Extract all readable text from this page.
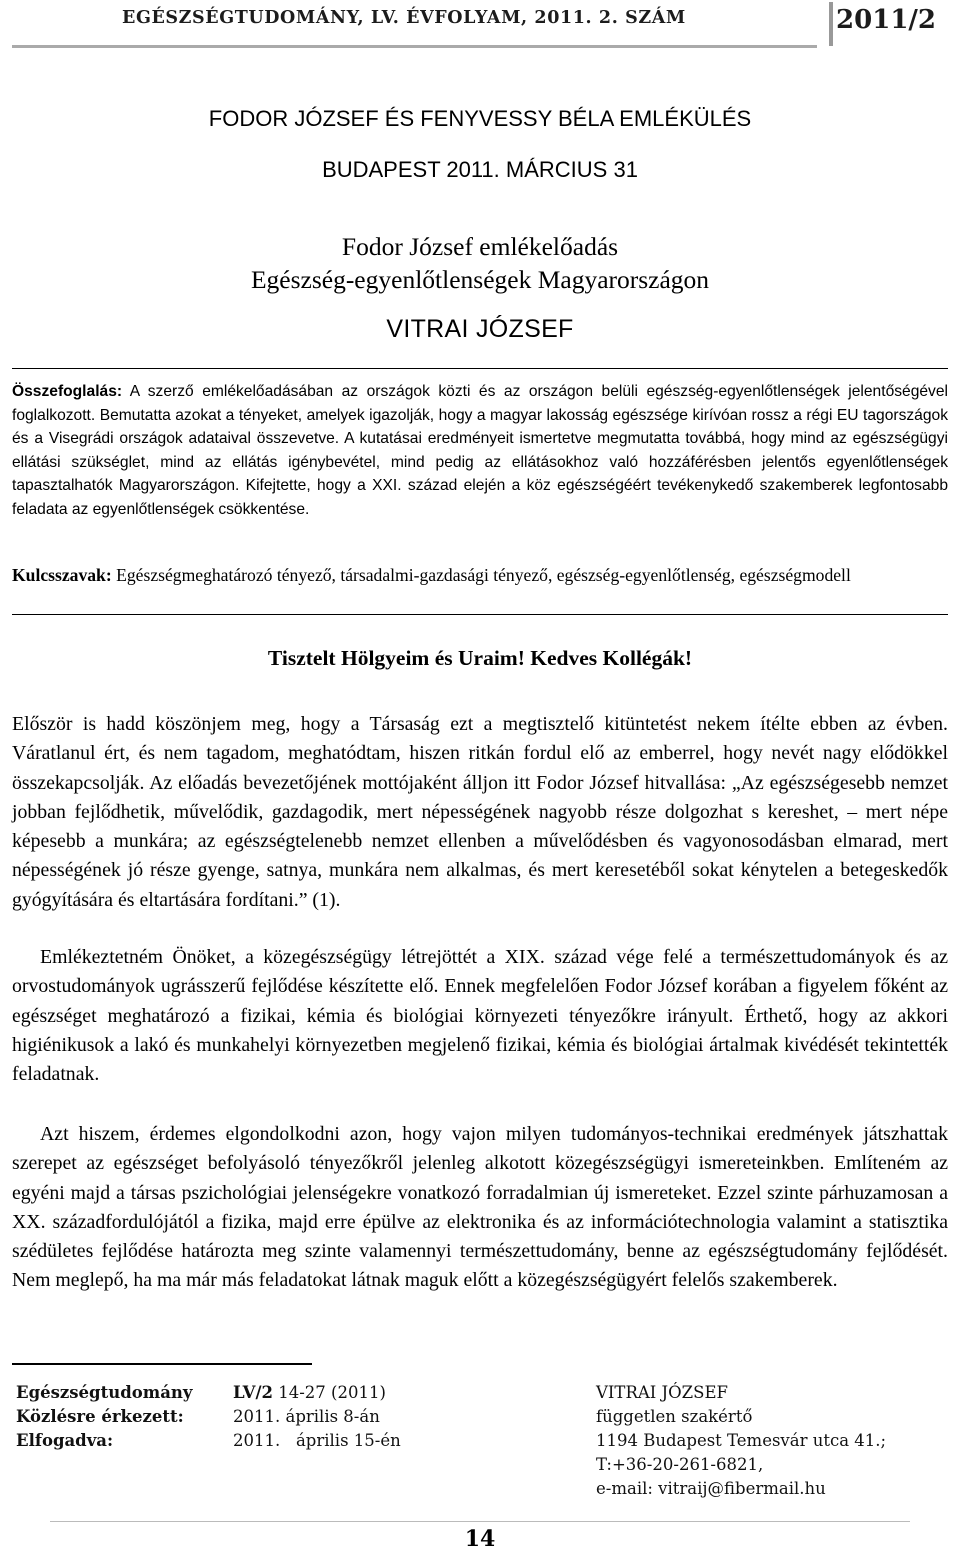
EGÉSZSÉGTUDOMÁNY, LV. ÉVFOLYAM, 2011. 2. SZÁM	2011/2
FODOR JÓZSEF ÉS FENYVESSY BÉLA EMLÉKÜLÉS
BUDAPEST 2011. MÁRCIUS 31
Fodor József emlékelőadás
Egészség-egyenlőtlenségek Magyarországon
VITRAI JÓZSEF
Összefoglalás: A szerző emlékelőadásában az országok közti és az országon belüli egészség-egyenlőtlenségek jelentőségével foglalkozott. Bemutatta azokat a tényeket, amelyek igazolják, hogy a magyar lakosság egészsége kirívóan rossz a régi EU tagországok és a Visegrádi országok adataival összevetve. A kutatásai eredményeit ismertetve megmutatta továbbá, hogy mind az egészségügyi ellátási szükséglet, mind az ellátás igénybevétel, mind pedig az ellátásokhoz való hozzáférésben jelentős egyenlőtlenségek tapasztalhatók Magyarországon. Kifejtette, hogy a XXI. század elején a köz egészségéért tevékenykedő szakemberek legfontosabb feladata az egyenlőtlenségek csökkentése.
Kulcsszavak: Egészségmeghatározó tényező, társadalmi-gazdasági tényező, egészség-egyenlőtlenség, egészségmodell
Tisztelt Hölgyeim és Uraim! Kedves Kollégák!

Először is hadd köszönjem meg, hogy a Társaság ezt a megtisztelő kitüntetést nekem ítélte ebben az évben. Váratlanul ért, és nem tagadom, meghatódtam, hiszen ritkán fordul elő az emberrel, hogy nevét nagy elődökkel összekapcsolják. Az előadás bevezetőjének mottójaként álljon itt Fodor József hitvallása: „Az egészségesebb nemzet jobban fejlődhetik, művelődik, gazdagodik, mert népességének nagyobb része dolgozhat s kereshet, – mert népe képesebb a munkára; az egészségtelenebb nemzet ellenben a művelődésben és vagyonosodásban elmarad, mert népességének jó része gyenge, satnya, munkára nem alkalmas, és mert keresetéből sokat kénytelen a betegeskedők gyógyítására és eltartására fordítani.” (1).

Emlékeztetném Önöket, a közegészségügy létrejöttét a XIX. század vége felé a természettudományok és az orvostudományok ugrásszerű fejlődése készítette elő. Ennek megfelelően Fodor József korában a figyelem főként az egészséget meghatározó a fizikai, kémia és biológiai környezeti tényezőkre irányult. Érthető, hogy az akkori higiénikusok a lakó és munkahelyi környezetben megjelenő fizikai, kémia és biológiai ártalmak kivédését tekintették feladatnak.

Azt hiszem, érdemes elgondolkodni azon, hogy vajon milyen tudományos-technikai eredmények játszhattak szerepet az egészséget befolyásoló tényezőkről jelenleg alkotott közegészségügyi ismereteinkben. Említeném az egyéni majd a társas pszichológiai jelenségekre vonatkozó forradalmian új ismereteket. Ezzel szinte párhuzamosan a XX. századfordulójától a fizika, majd erre épülve az elektronika és az információtechnologia valamint a statisztika szédületes fejlődése határozta meg szinte valamennyi természettudomány, benne az egészségtudomány fejlődését. Nem meglepő, ha ma már más feladatokat látnak maguk előtt a közegészségügyért felelős szakemberek.

Egészségtudomány
Közlésre érkezett:
Elfogadva:
LV/2 14-27 (2011)
2011. április 8-án
2011.   április 15-én
VITRAI JÓZSEF
független szakértő
1194 Budapest Temesvár utca 41.;
T:+36-20-261-6821,
e-mail: vitraij@fibermail.hu
14
